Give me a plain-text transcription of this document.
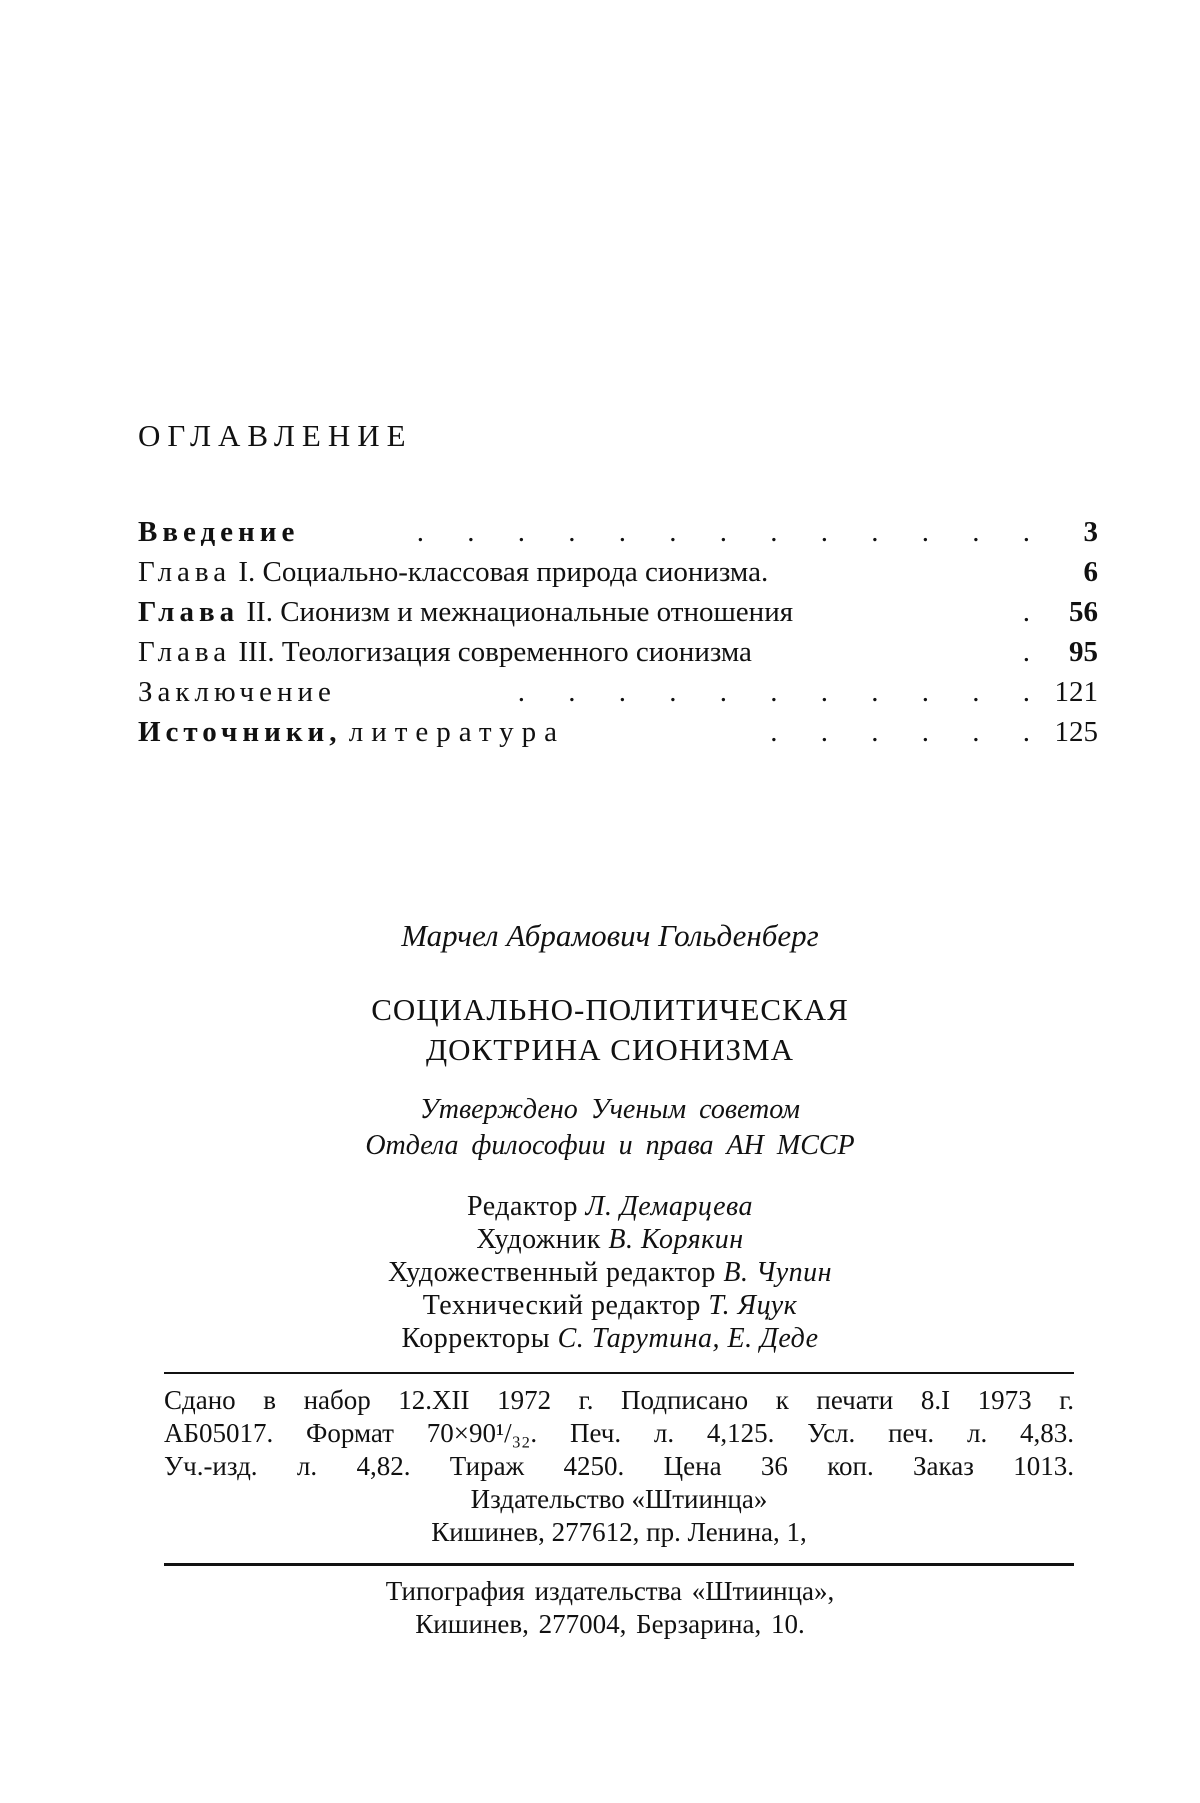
ОГЛАВЛЕНИЕ
Введение	. . . . . . . . . . . . .	3
Глава I. Социально-классовая природа сионизма.	6
Глава II. Сионизм и межнациональные отношения	. 56
Глава III. Теологизация современного сионизма	. 95
Заключение	. . . . . . . . . . . 121
Источники, литература	. . . . . . 125
Марчел Абрамович Гольденберг
СОЦИАЛЬНО-ПОЛИТИЧЕСКАЯ
ДОКТРИНА СИОНИЗМА
Утверждено Ученым советом
Отдела философии и права АН МССР
Редактор Л. Демарцева
Художник В. Корякин
Художественный редактор В. Чупин
Технический редактор Т. Яцук
Корректоры С. Тарутина, Е. Деде
Сдано в набор 12.XII 1972 г. Подписано к печати 8.I 1973 г.
АБ05017. Формат 70×90¹/₃₂. Печ. л. 4,125. Усл. печ. л. 4,83.
Уч.-изд. л. 4,82. Тираж 4250. Цена 36 коп. Заказ 1013.
Издательство «Штиинца»
Кишинев, 277612, пр. Ленина, 1,
Типография издательства «Штиинца»,
Кишинев, 277004, Берзарина, 10.
